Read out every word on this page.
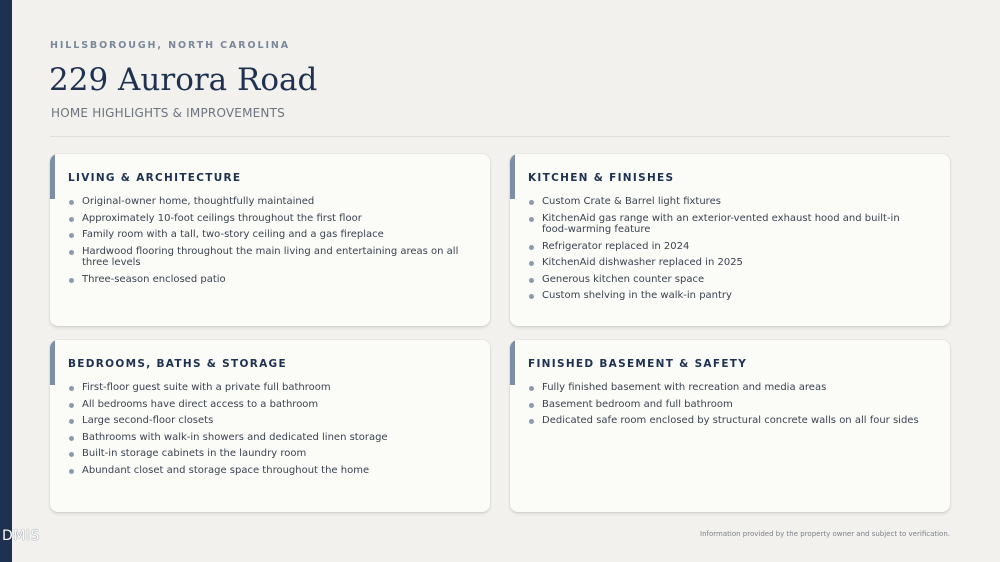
HILLSBOROUGH, NORTH CAROLINA
229 Aurora Road
HOME HIGHLIGHTS & IMPROVEMENTS
LIVING & ARCHITECTURE
Original-owner home, thoughtfully maintained
Approximately 10-foot ceilings throughout the first floor
Family room with a tall, two-story ceiling and a gas fireplace
Hardwood flooring throughout the main living and entertaining areas on all three levels
Three-season enclosed patio
KITCHEN & FINISHES
Custom Crate & Barrel light fixtures
KitchenAid gas range with an exterior-vented exhaust hood and built-in food-warming feature
Refrigerator replaced in 2024
KitchenAid dishwasher replaced in 2025
Generous kitchen counter space
Custom shelving in the walk-in pantry
BEDROOMS, BATHS & STORAGE
First-floor guest suite with a private full bathroom
All bedrooms have direct access to a bathroom
Large second-floor closets
Bathrooms with walk-in showers and dedicated linen storage
Built-in storage cabinets in the laundry room
Abundant closet and storage space throughout the home
FINISHED BASEMENT & SAFETY
Fully finished basement with recreation and media areas
Basement bedroom and full bathroom
Dedicated safe room enclosed by structural concrete walls on all four sides
DMIS	Information provided by the property owner and subject to verification.
